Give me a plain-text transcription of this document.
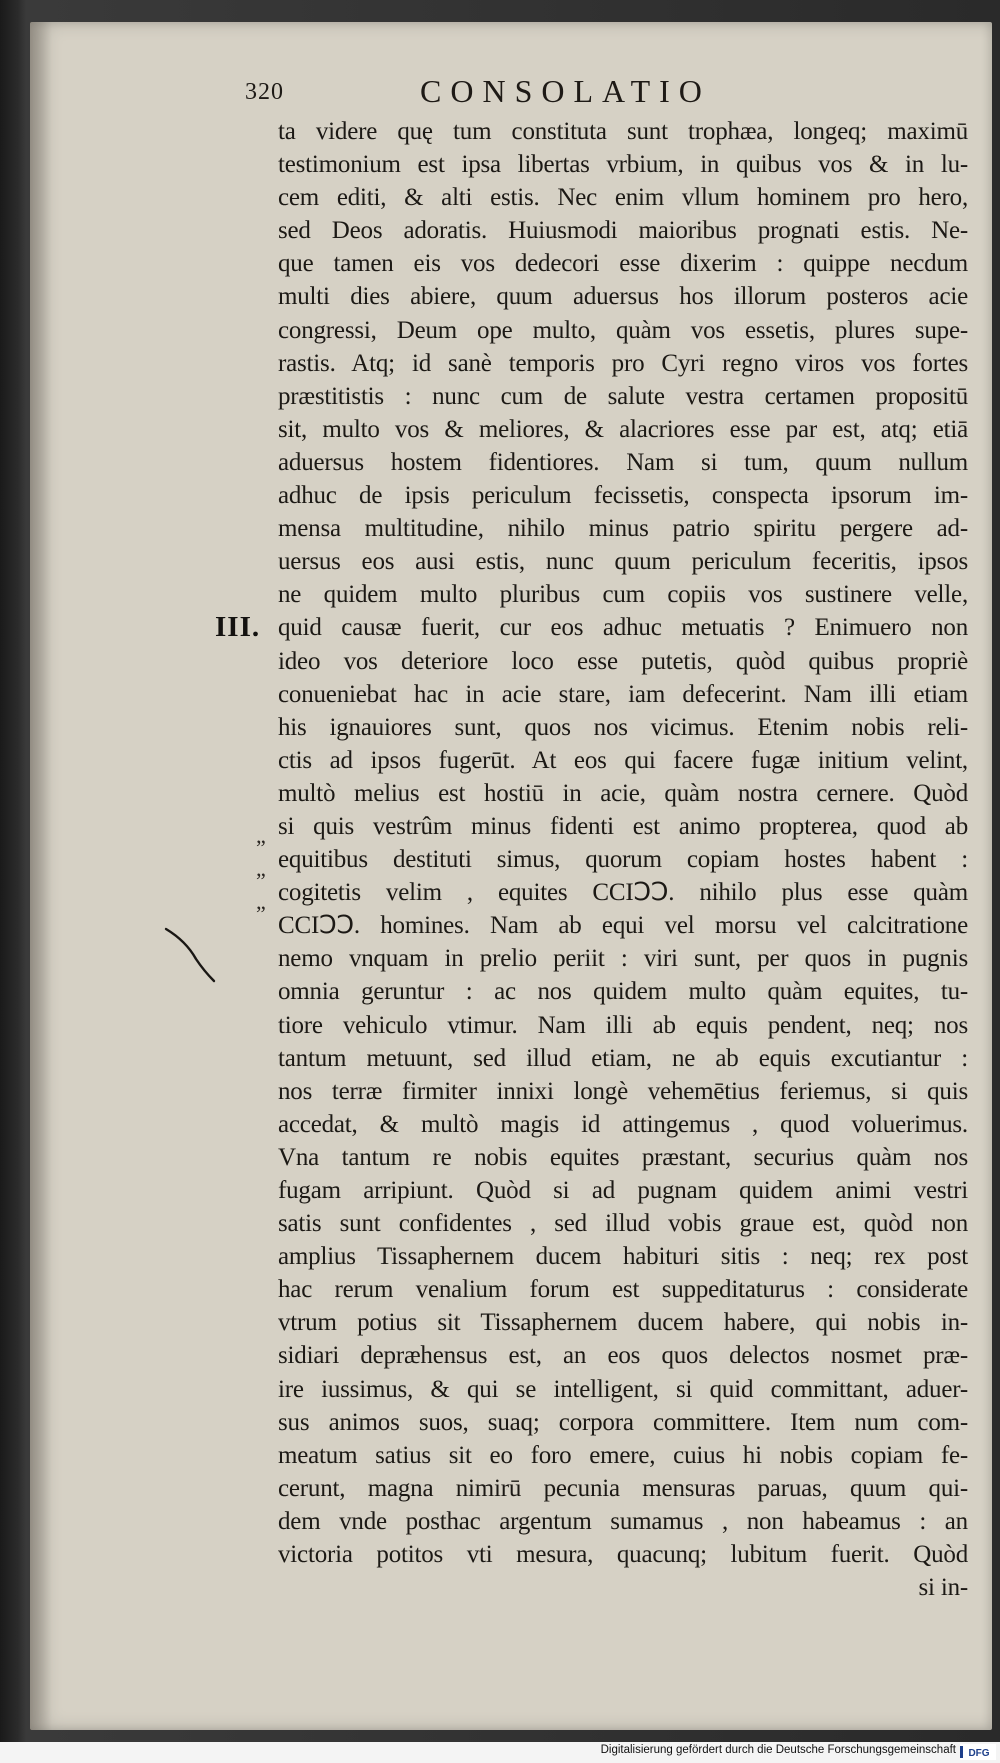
320	CONSOLATIO
III.
„
„
„
ta videre quę tum constituta sunt trophæa, longeq; maximū
testimonium est ipsa libertas vrbium, in quibus vos & in lu-
cem editi, & alti estis. Nec enim vllum hominem pro hero,
sed Deos adoratis. Huiusmodi maioribus prognati estis. Ne-
que tamen eis vos dedecori esse dixerim : quippe necdum
multi dies abiere, quum aduersus hos illorum posteros acie
congressi, Deum ope multo, quàm vos essetis, plures supe-
rastis. Atq; id sanè temporis pro Cyri regno viros vos fortes
præstitistis : nunc cum de salute vestra certamen propositū
sit, multo vos & meliores, & alacriores esse par est, atq; etiā
aduersus hostem fidentiores. Nam si tum, quum nullum
adhuc de ipsis periculum fecissetis, conspecta ipsorum im-
mensa multitudine, nihilo minus patrio spiritu pergere ad-
uersus eos ausi estis, nunc quum periculum feceritis, ipsos
ne quidem multo pluribus cum copiis vos sustinere velle,
quid causæ fuerit, cur eos adhuc metuatis ? Enimuero non
ideo vos deteriore loco esse putetis, quòd quibus propriè
conueniebat hac in acie stare, iam defecerint. Nam illi etiam
his ignauiores sunt, quos nos vicimus. Etenim nobis reli-
ctis ad ipsos fugerūt. At eos qui facere fugæ initium velint,
multò melius est hostiū in acie, quàm nostra cernere. Quòd
si quis vestrûm minus fidenti est animo propterea, quod ab
equitibus destituti simus, quorum copiam hostes habent :
cogitetis velim , equites CCIↃↃ. nihilo plus esse quàm
CCIↃↃ. homines. Nam ab equi vel morsu vel calcitratione
nemo vnquam in prelio periit : viri sunt, per quos in pugnis
omnia geruntur : ac nos quidem multo quàm equites, tu-
tiore vehiculo vtimur. Nam illi ab equis pendent, neq; nos
tantum metuunt, sed illud etiam, ne ab equis excutiantur :
nos terræ firmiter innixi longè vehemētius feriemus, si quis
accedat, & multò magis id attingemus , quod voluerimus.
Vna tantum re nobis equites præstant, securius quàm nos
fugam arripiunt. Quòd si ad pugnam quidem animi vestri
satis sunt confidentes , sed illud vobis graue est, quòd non
amplius Tissaphernem ducem habituri sitis : neq; rex post
hac rerum venalium forum est suppeditaturus : considerate
vtrum potius sit Tissaphernem ducem habere, qui nobis in-
sidiari depræhensus est, an eos quos delectos nosmet præ-
ire iussimus, & qui se intelligent, si quid committant, aduer-
sus animos suos, suaq; corpora committere. Item num com-
meatum satius sit eo foro emere, cuius hi nobis copiam fe-
cerunt, magna nimirū pecunia mensuras paruas, quum qui-
dem vnde posthac argentum sumamus , non habeamus : an
victoria potitos vti mesura, quacunq; lubitum fuerit. Quòd
si in-
Digitalisierung gefördert durch die Deutsche Forschungsgemeinschaft DFG
